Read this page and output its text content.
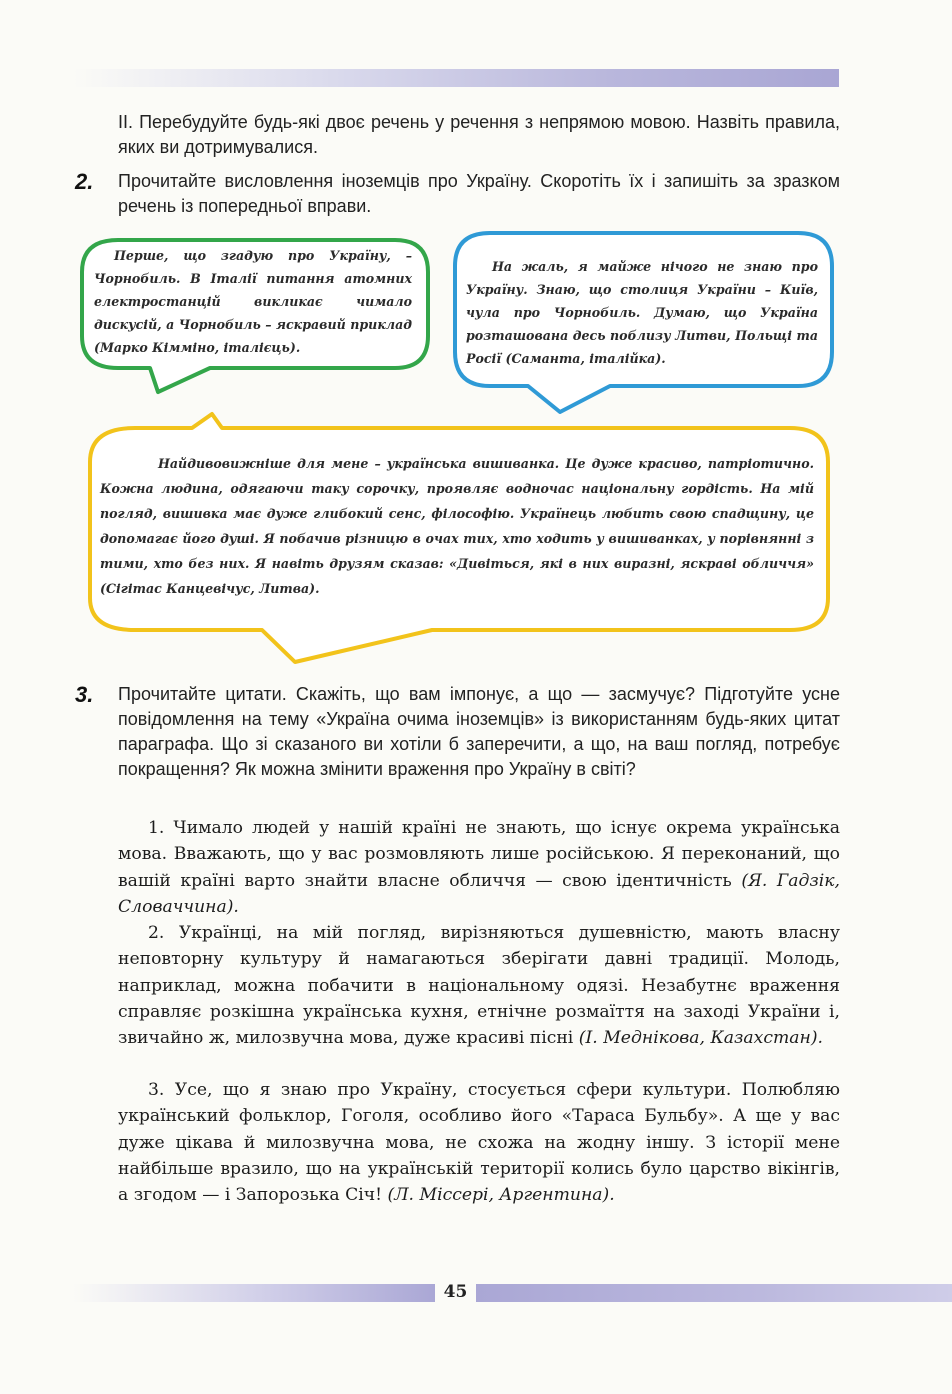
II. Перебудуйте будь-які двоє речень у речення з непрямою мовою. Назвіть правила, яких ви дотримувалися.

2. Прочитайте висловлення іноземців про Україну. Скоротіть їх і запишіть за зразком речень із попередньої вправи.

Перше, що згадую про Україну, – Чорнобиль. В Італії питання атомних електростанцій викликає чимало дискусій, а Чорнобиль – яскравий приклад (Марко Кімміно, італієць).

На жаль, я майже нічого не знаю про Україну. Знаю, що столиця України – Київ, чула про Чорнобиль. Думаю, що Україна розташована десь поблизу Литви, Польщі та Росії (Саманта, італійка).

Найдивовижніше для мене – українська вишиванка. Це дуже красиво, патріотично. Кожна людина, одягаючи таку сорочку, проявляє водночас національну гордість. На мій погляд, вишивка має дуже глибокий сенс, філософію. Українець любить свою спадщину, це допомагає його душі. Я побачив різницю в очах тих, хто ходить у вишиванках, у порівнянні з тими, хто без них. Я навіть друзям сказав: «Дивіться, які в них виразні, яскраві обличчя» (Сігітас Канцевічус, Литва).

3. Прочитайте цитати. Скажіть, що вам імпонує, а що — засмучує? Підготуйте усне повідомлення на тему «Україна очима іноземців» із використанням будь-яких цитат параграфа. Що зі сказаного ви хотіли б заперечити, а що, на ваш погляд, потребує покращення? Як можна змінити враження про Україну в світі?

1. Чимало людей у нашій країні не знають, що існує окрема українська мова. Вважають, що у вас розмовляють лише російською. Я переконаний, що вашій країні варто знайти власне обличчя — свою ідентичність (Я. Гадзік, Словаччина).

2. Українці, на мій погляд, вирізняються душевністю, мають власну неповторну культуру й намагаються зберігати давні традиції. Молодь, наприклад, можна побачити в національному одязі. Незабутнє враження справляє розкішна українська кухня, етнічне розмаїття на заході України і, звичайно ж, милозвучна мова, дуже красиві пісні (І. Меднікова, Казахстан).

3. Усе, що я знаю про Україну, стосується сфери культури. Полюбляю український фольклор, Гоголя, особливо його «Тараса Бульбу». А ще у вас дуже цікава й милозвучна мова, не схожа на жодну іншу. З історії мене найбільше вразило, що на українській території колись було царство вікінгів, а згодом — і Запорозька Січ! (Л. Міссері, Аргентина).

45
